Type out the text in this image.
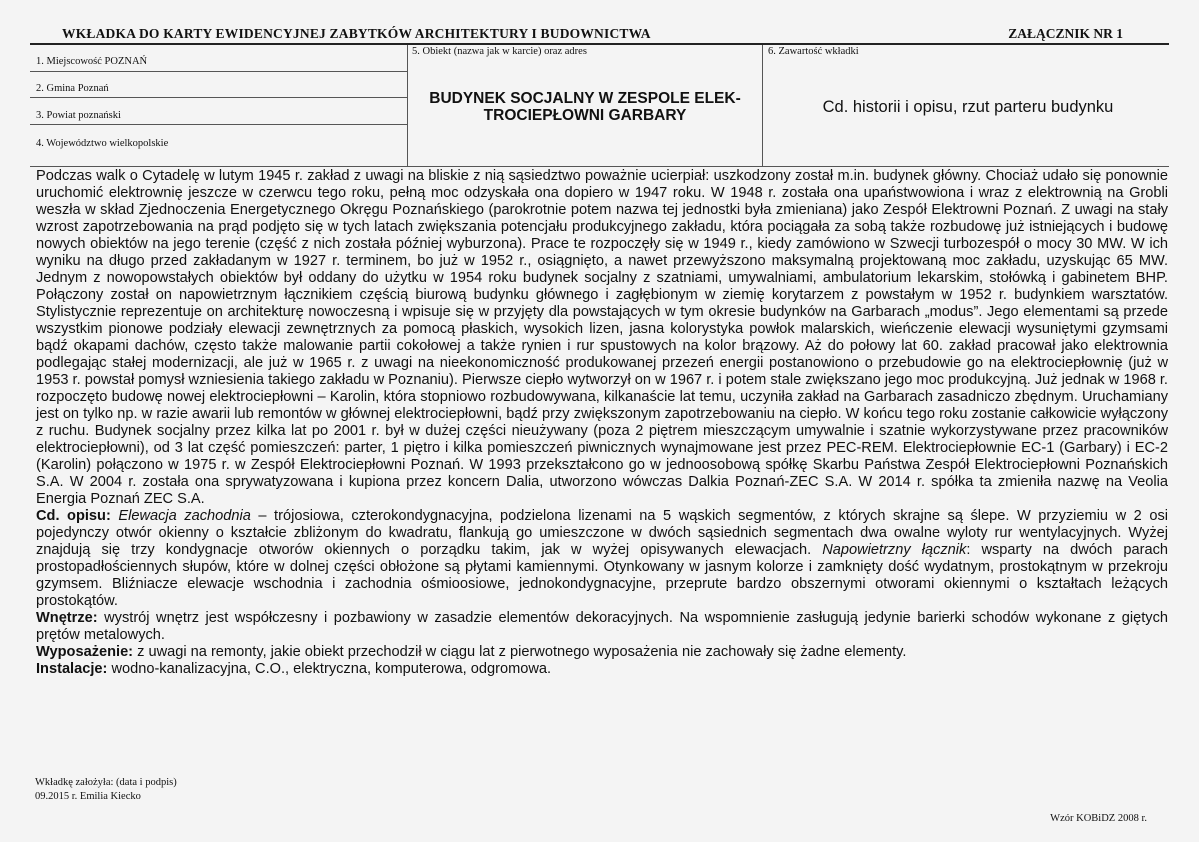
WKŁADKA DO KARTY EWIDENCYJNEJ ZABYTKÓW ARCHITEKTURY I BUDOWNICTWA	ZAŁĄCZNIK NR 1
1. Miejscowość POZNAŃ
2. Gmina Poznań
3. Powiat poznański
4. Województwo wielkopolskie
5. Obiekt (nazwa jak w karcie) oraz adres
BUDYNEK SOCJALNY W ZESPOLE ELEK-
TROCIEPŁOWNI GARBARY
6. Zawartość wkładki
Cd. historii i opisu, rzut parteru budynku

Podczas walk o Cytadelę w lutym 1945 r. zakład z uwagi na bliskie z nią sąsiedztwo poważnie ucierpiał: uszkodzony został m.in. budynek główny. Chociaż udało się ponownie uruchomić elektrownię jeszcze w czerwcu tego roku, pełną moc odzyskała ona dopiero w 1947 roku. W 1948 r. została ona upaństwowiona i wraz z elektrownią na Grobli weszła w skład Zjednoczenia Energetycznego Okręgu Poznańskiego (parokrotnie potem nazwa tej jednostki była zmieniana) jako Zespół Elektrowni Poznań. Z uwagi na stały wzrost zapotrzebowania na prąd podjęto się w tych latach zwiększania potencjału produkcyjnego zakładu, która pociągała za sobą także rozbudowę już istniejących i budowę nowych obiektów na jego terenie (część z nich została później wyburzona). Prace te rozpoczęły się w 1949 r., kiedy zamówiono w Szwecji turbozespół o mocy 30 MW. W ich wyniku na długo przed zakładanym w 1927 r. terminem, bo już w 1952 r., osiągnięto, a nawet przewyższono maksymalną projektowaną moc zakładu, uzyskując 65 MW. Jednym z nowopowstałych obiektów był oddany do użytku w 1954 roku budynek socjalny z szatniami, umywalniami, ambulatorium lekarskim, stołówką i gabinetem BHP. Połączony został on napowietrznym łącznikiem częścią biurową budynku głównego i zagłębionym w ziemię korytarzem z powstałym w 1952 r. budynkiem warsztatów. Stylistycznie reprezentuje on architekturę nowoczesną i wpisuje się w przyjęty dla powstających w tym okresie budynków na Garbarach „modus”. Jego elementami są przede wszystkim pionowe podziały elewacji zewnętrznych za pomocą płaskich, wysokich lizen, jasna kolorystyka powłok malarskich, wieńczenie elewacji wysuniętymi gzymsami bądź okapami dachów, często także malowanie partii cokołowej a także rynien i rur spustowych na kolor brązowy. Aż do połowy lat 60. zakład pracował jako elektrownia podlegając stałej modernizacji, ale już w 1965 r. z uwagi na nieekonomiczność produkowanej przezeń energii postanowiono o przebudowie go na elektrociepłownię (już w 1953 r. powstał pomysł wzniesienia takiego zakładu w Poznaniu). Pierwsze ciepło wytworzył on w 1967 r. i potem stale zwiększano jego moc produkcyjną. Już jednak w 1968 r. rozpoczęto budowę nowej elektrociepłowni – Karolin, która stopniowo rozbudowywana, kilkanaście lat temu, uczyniła zakład na Garbarach zasadniczo zbędnym. Uruchamiany jest on tylko np. w razie awarii lub remontów w głównej elektrociepłowni, bądź przy zwiększonym zapotrzebowaniu na ciepło. W końcu tego roku zostanie całkowicie wyłączony z ruchu. Budynek socjalny przez kilka lat po 2001 r. był w dużej części nieużywany (poza 2 piętrem mieszczącym umywalnie i szatnie wykorzystywane przez pracowników elektrociepłowni), od 3 lat część pomieszczeń: parter, 1 piętro i kilka pomieszczeń piwnicznych wynajmowane jest przez PEC-REM. Elektrociepłownie EC-1 (Garbary) i EC-2 (Karolin) połączono w 1975 r. w Zespół Elektrociepłowni Poznań. W 1993 przekształcono go w jednoosobową spółkę Skarbu Państwa Zespół Elektrociepłowni Poznańskich S.A. W 2004 r. została ona sprywatyzowana i kupiona przez koncern Dalia, utworzono wówczas Dalkia Poznań-ZEC S.A. W 2014 r. spółka ta zmieniła nazwę na Veolia Energia Poznań ZEC S.A.

Cd. opisu: Elewacja zachodnia – trójosiowa, czterokondygnacyjna, podzielona lizenami na 5 wąskich segmentów, z których skrajne są ślepe. W przyziemiu w 2 osi pojedynczy otwór okienny o kształcie zbliżonym do kwadratu, flankują go umieszczone w dwóch sąsiednich segmentach dwa owalne wyloty rur wentylacyjnych. Wyżej znajdują się trzy kondygnacje otworów okiennych o porządku takim, jak w wyżej opisywanych elewacjach. Napowietrzny łącznik: wsparty na dwóch parach prostopadłościennych słupów, które w dolnej części obłożone są płytami kamiennymi. Otynkowany w jasnym kolorze i zamknięty dość wydatnym, prostokątnym w przekroju gzymsem. Bliźniacze elewacje wschodnia i zachodnia ośmioosiowe, jednokondygnacyjne, przeprute bardzo obszernymi otworami okiennymi o kształtach leżących prostokątów.

Wnętrze: wystrój wnętrz jest współczesny i pozbawiony w zasadzie elementów dekoracyjnych. Na wspomnienie zasługują jedynie barierki schodów wykonane z giętych prętów metalowych.

Wyposażenie: z uwagi na remonty, jakie obiekt przechodził w ciągu lat z pierwotnego wyposażenia nie zachowały się żadne elementy.

Instalacje: wodno-kanalizacyjna, C.O., elektryczna, komputerowa, odgromowa.

Wkładkę założyła: (data i podpis)
09.2015 r. Emilia Kiecko
Wzór KOBiDZ 2008 r.
